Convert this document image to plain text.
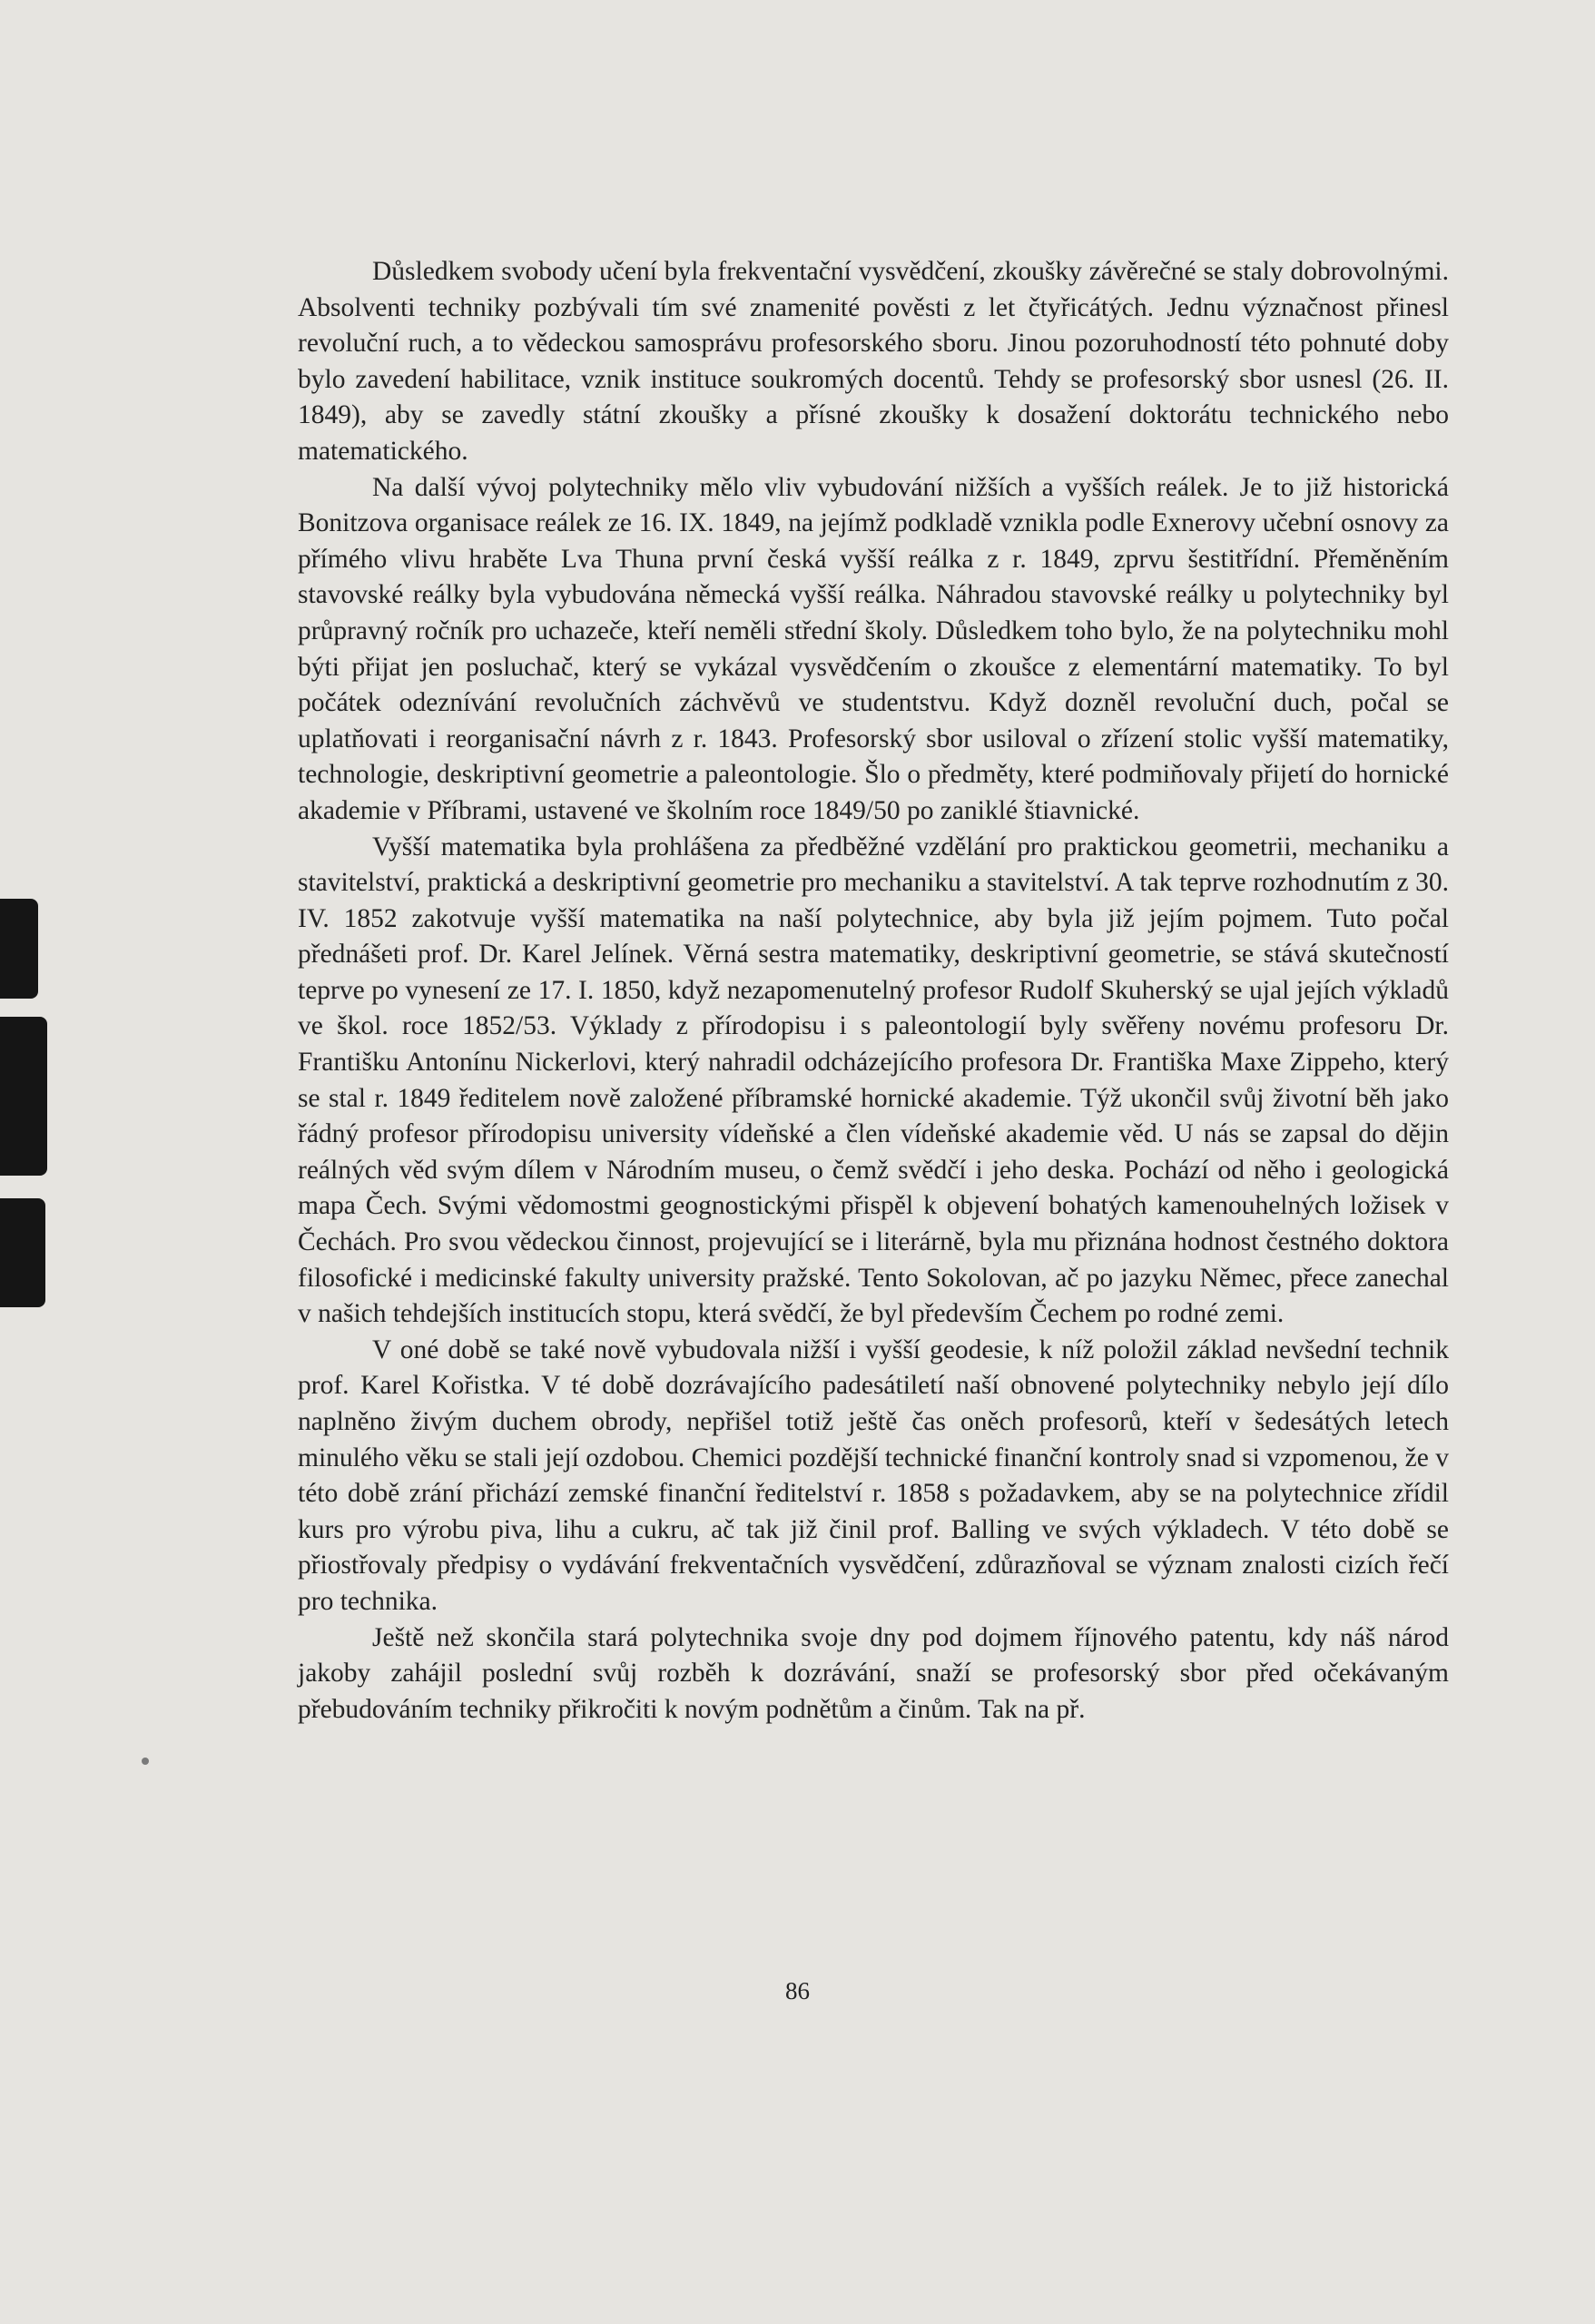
Důsledkem svobody učení byla frekventační vysvědčení, zkoušky závěrečné se staly dobrovolnými. Absolventi techniky pozbývali tím své znamenité pověsti z let čtyřicátých. Jednu význačnost přinesl revoluční ruch, a to vědeckou samosprávu profesorského sboru. Jinou pozoruhodností této pohnuté doby bylo zavedení habilitace, vznik instituce soukromých docentů. Tehdy se profesorský sbor usnesl (26. II. 1849), aby se zavedly státní zkoušky a přísné zkoušky k dosažení doktorátu technického nebo matematického.

Na další vývoj polytechniky mělo vliv vybudování nižších a vyšších reálek. Je to již historická Bonitzova organisace reálek ze 16. IX. 1849, na jejímž podkladě vznikla podle Exnerovy učební osnovy za přímého vlivu hraběte Lva Thuna první česká vyšší reálka z r. 1849, zprvu šestitřídní. Přeměněním stavovské reálky byla vybudována německá vyšší reálka. Náhradou stavovské reálky u polytechniky byl průpravný ročník pro uchazeče, kteří neměli střední školy. Důsledkem toho bylo, že na polytechniku mohl býti přijat jen posluchač, který se vykázal vysvědčením o zkoušce z elementární matematiky. To byl počátek odeznívání revolučních záchvěvů ve studentstvu. Když dozněl revoluční duch, počal se uplatňovati i reorganisační návrh z r. 1843. Profesorský sbor usiloval o zřízení stolic vyšší matematiky, technologie, deskriptivní geometrie a paleontologie. Šlo o předměty, které podmiňovaly přijetí do hornické akademie v Příbrami, ustavené ve školním roce 1849/50 po zaniklé štiavnické.

Vyšší matematika byla prohlášena za předběžné vzdělání pro praktickou geometrii, mechaniku a stavitelství, praktická a deskriptivní geometrie pro mechaniku a stavitelství. A tak teprve rozhodnutím z 30. IV. 1852 zakotvuje vyšší matematika na naší polytechnice, aby byla již jejím pojmem. Tuto počal přednášeti prof. Dr. Karel Jelínek. Věrná sestra matematiky, deskriptivní geometrie, se stává skutečností teprve po vynesení ze 17. I. 1850, když nezapomenutelný profesor Rudolf Skuherský se ujal jejích výkladů ve škol. roce 1852/53. Výklady z přírodopisu i s paleontologií byly svěřeny novému profesoru Dr. Františku Antonínu Nickerlovi, který nahradil odcházejícího profesora Dr. Františka Maxe Zippeho, který se stal r. 1849 ředitelem nově založené příbramské hornické akademie. Týž ukončil svůj životní běh jako řádný profesor přírodopisu university vídeňské a člen vídeňské akademie věd. U nás se zapsal do dějin reálných věd svým dílem v Národním museu, o čemž svědčí i jeho deska. Pochází od něho i geologická mapa Čech. Svými vědomostmi geognostickými přispěl k objevení bohatých kamenouhelných ložisek v Čechách. Pro svou vědeckou činnost, projevující se i literárně, byla mu přiznána hodnost čestného doktora filosofické i medicinské fakulty university pražské. Tento Sokolovan, ač po jazyku Němec, přece zanechal v našich tehdejších institucích stopu, která svědčí, že byl především Čechem po rodné zemi.

V oné době se také nově vybudovala nižší i vyšší geodesie, k níž položil základ nevšední technik prof. Karel Kořistka. V té době dozrávajícího padesátiletí naší obnovené polytechniky nebylo její dílo naplněno živým duchem obrody, nepřišel totiž ještě čas oněch profesorů, kteří v šedesátých letech minulého věku se stali její ozdobou. Chemici pozdější technické finanční kontroly snad si vzpomenou, že v této době zrání přichází zemské finanční ředitelství r. 1858 s požadavkem, aby se na polytechnice zřídil kurs pro výrobu piva, lihu a cukru, ač tak již činil prof. Balling ve svých výkladech. V této době se přiostřovaly předpisy o vydávání frekventačních vysvědčení, zdůrazňoval se význam znalosti cizích řečí pro technika.

Ještě než skončila stará polytechnika svoje dny pod dojmem říjnového patentu, kdy náš národ jakoby zahájil poslední svůj rozběh k dozrávání, snaží se profesorský sbor před očekávaným přebudováním techniky přikročiti k novým podnětům a činům. Tak na př.

86
